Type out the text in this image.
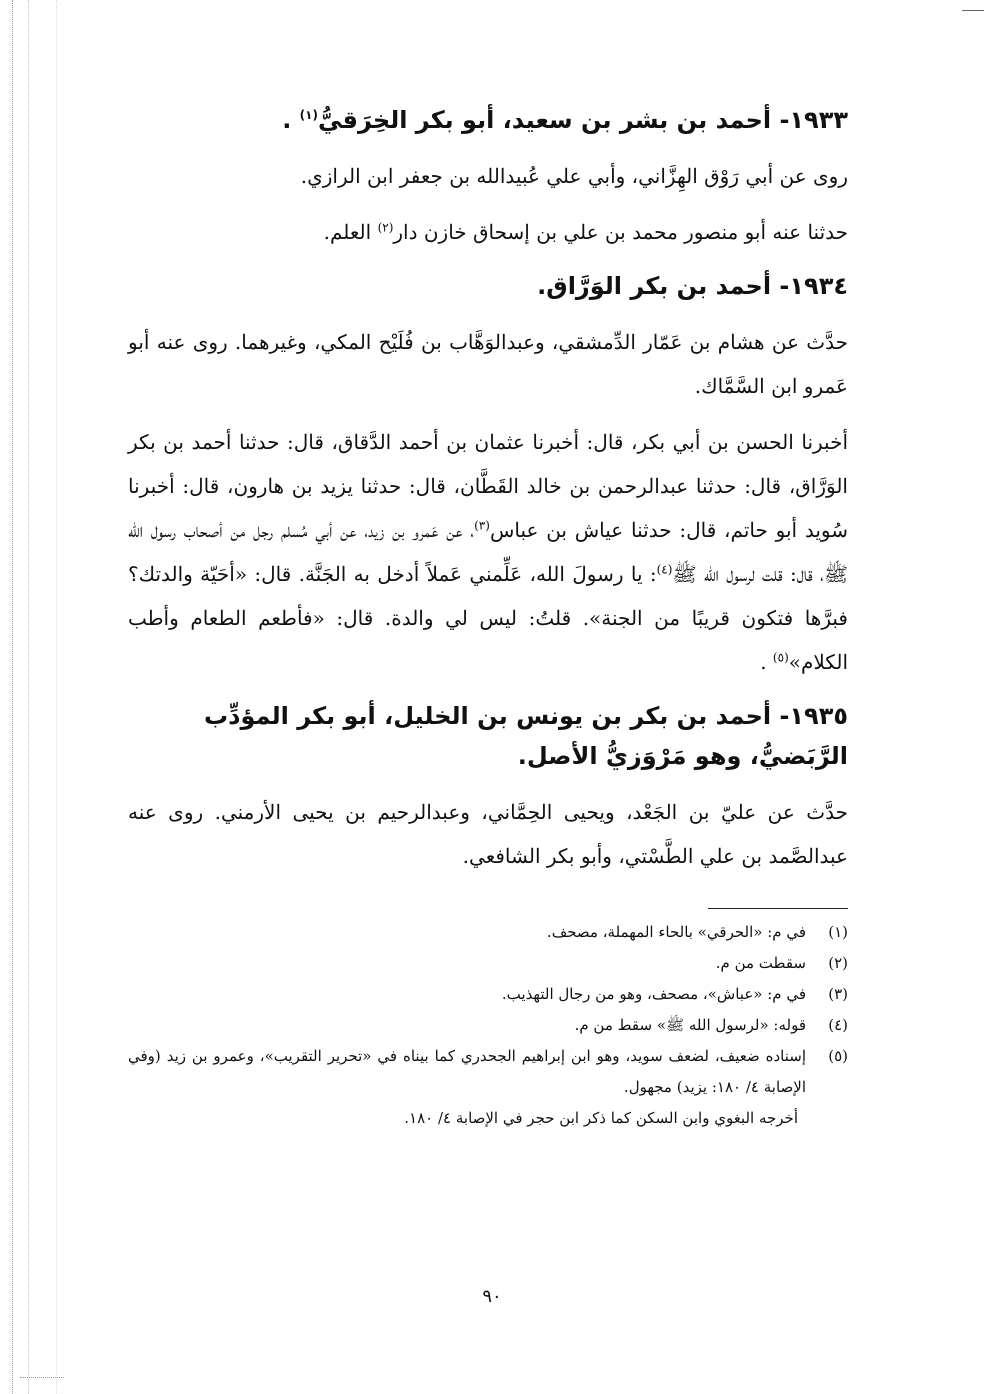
١٩٣٣- أحمد بن بشر بن سعيد، أبو بكر الخِرَقيُّ$^{(١)}$ .

روى عن أبي رَوْق الهِزَّاني، وأبي علي عُبيدالله بن جعفر ابن الرازي.

حدثنا عنه أبو منصور محمد بن علي بن إسحاق خازن دار$^{(٢)}$ العلم.

١٩٣٤- أحمد بن بكر الوَرَّاق.

حدَّث عن هشام بن عَمّار الدِّمشقي، وعبدالوَهَّاب بن فُلَيْح المكي، وغيرهما. روى عنه أبو عَمرو ابن السَّمَّاك.

أخبرنا الحسن بن أبي بكر، قال: أخبرنا عثمان بن أحمد الدَّقاق، قال: حدثنا أحمد بن بكر الوَرَّاق، قال: حدثنا عبدالرحمن بن خالد القَطَّان، قال: حدثنا يزيد بن هارون، قال: أخبرنا سُويد أبو حاتم، قال: حدثنا عياش بن عباس$^{(٣)}$، عن عَمرو بن زيد، عن أبي مُسلم رجل من أصحاب رسول الله ﷺ، قال: قلت لرسول الله ﷺ$^{(٤)}$: يا رسولَ الله، عَلِّمني عَملاً أدخل به الجَنَّة. قال: «أحَيّة والدتك؟ فبرَّها فتكون قريبًا من الجنة». قلتُ: ليس لي والدة. قال: «فأطعم الطعام وأطب الكلام»$^{(٥)}$ .

١٩٣٥- أحمد بن بكر بن يونس بن الخليل، أبو بكر المؤدِّب الرَّبَضيُّ، وهو مَرْوَزيُّ الأصل.

حدَّث عن عليّ بن الجَعْد، ويحيى الحِمَّاني، وعبدالرحيم بن يحيى الأرمني. روى عنه عبدالصَّمد بن علي الطَّسْتي، وأبو بكر الشافعي.

(١)
في م: «الحرقي» بالحاء المهملة، مصحف.
(٢)
سقطت من م.
(٣)
في م: «عباش»، مصحف، وهو من رجال التهذيب.
(٤)
قوله: «لرسول الله ﷺ» سقط من م.
(٥)
إسناده ضعيف، لضعف سويد، وهو ابن إبراهيم الجحدري كما بيناه في «تحرير التقريب»، وعمرو بن زيد (وفي الإصابة ٤/ ١٨٠: يزيد) مجهول.
أخرجه البغوي وابن السكن كما ذكر ابن حجر في الإصابة ٤/ ١٨٠.
٩٠
